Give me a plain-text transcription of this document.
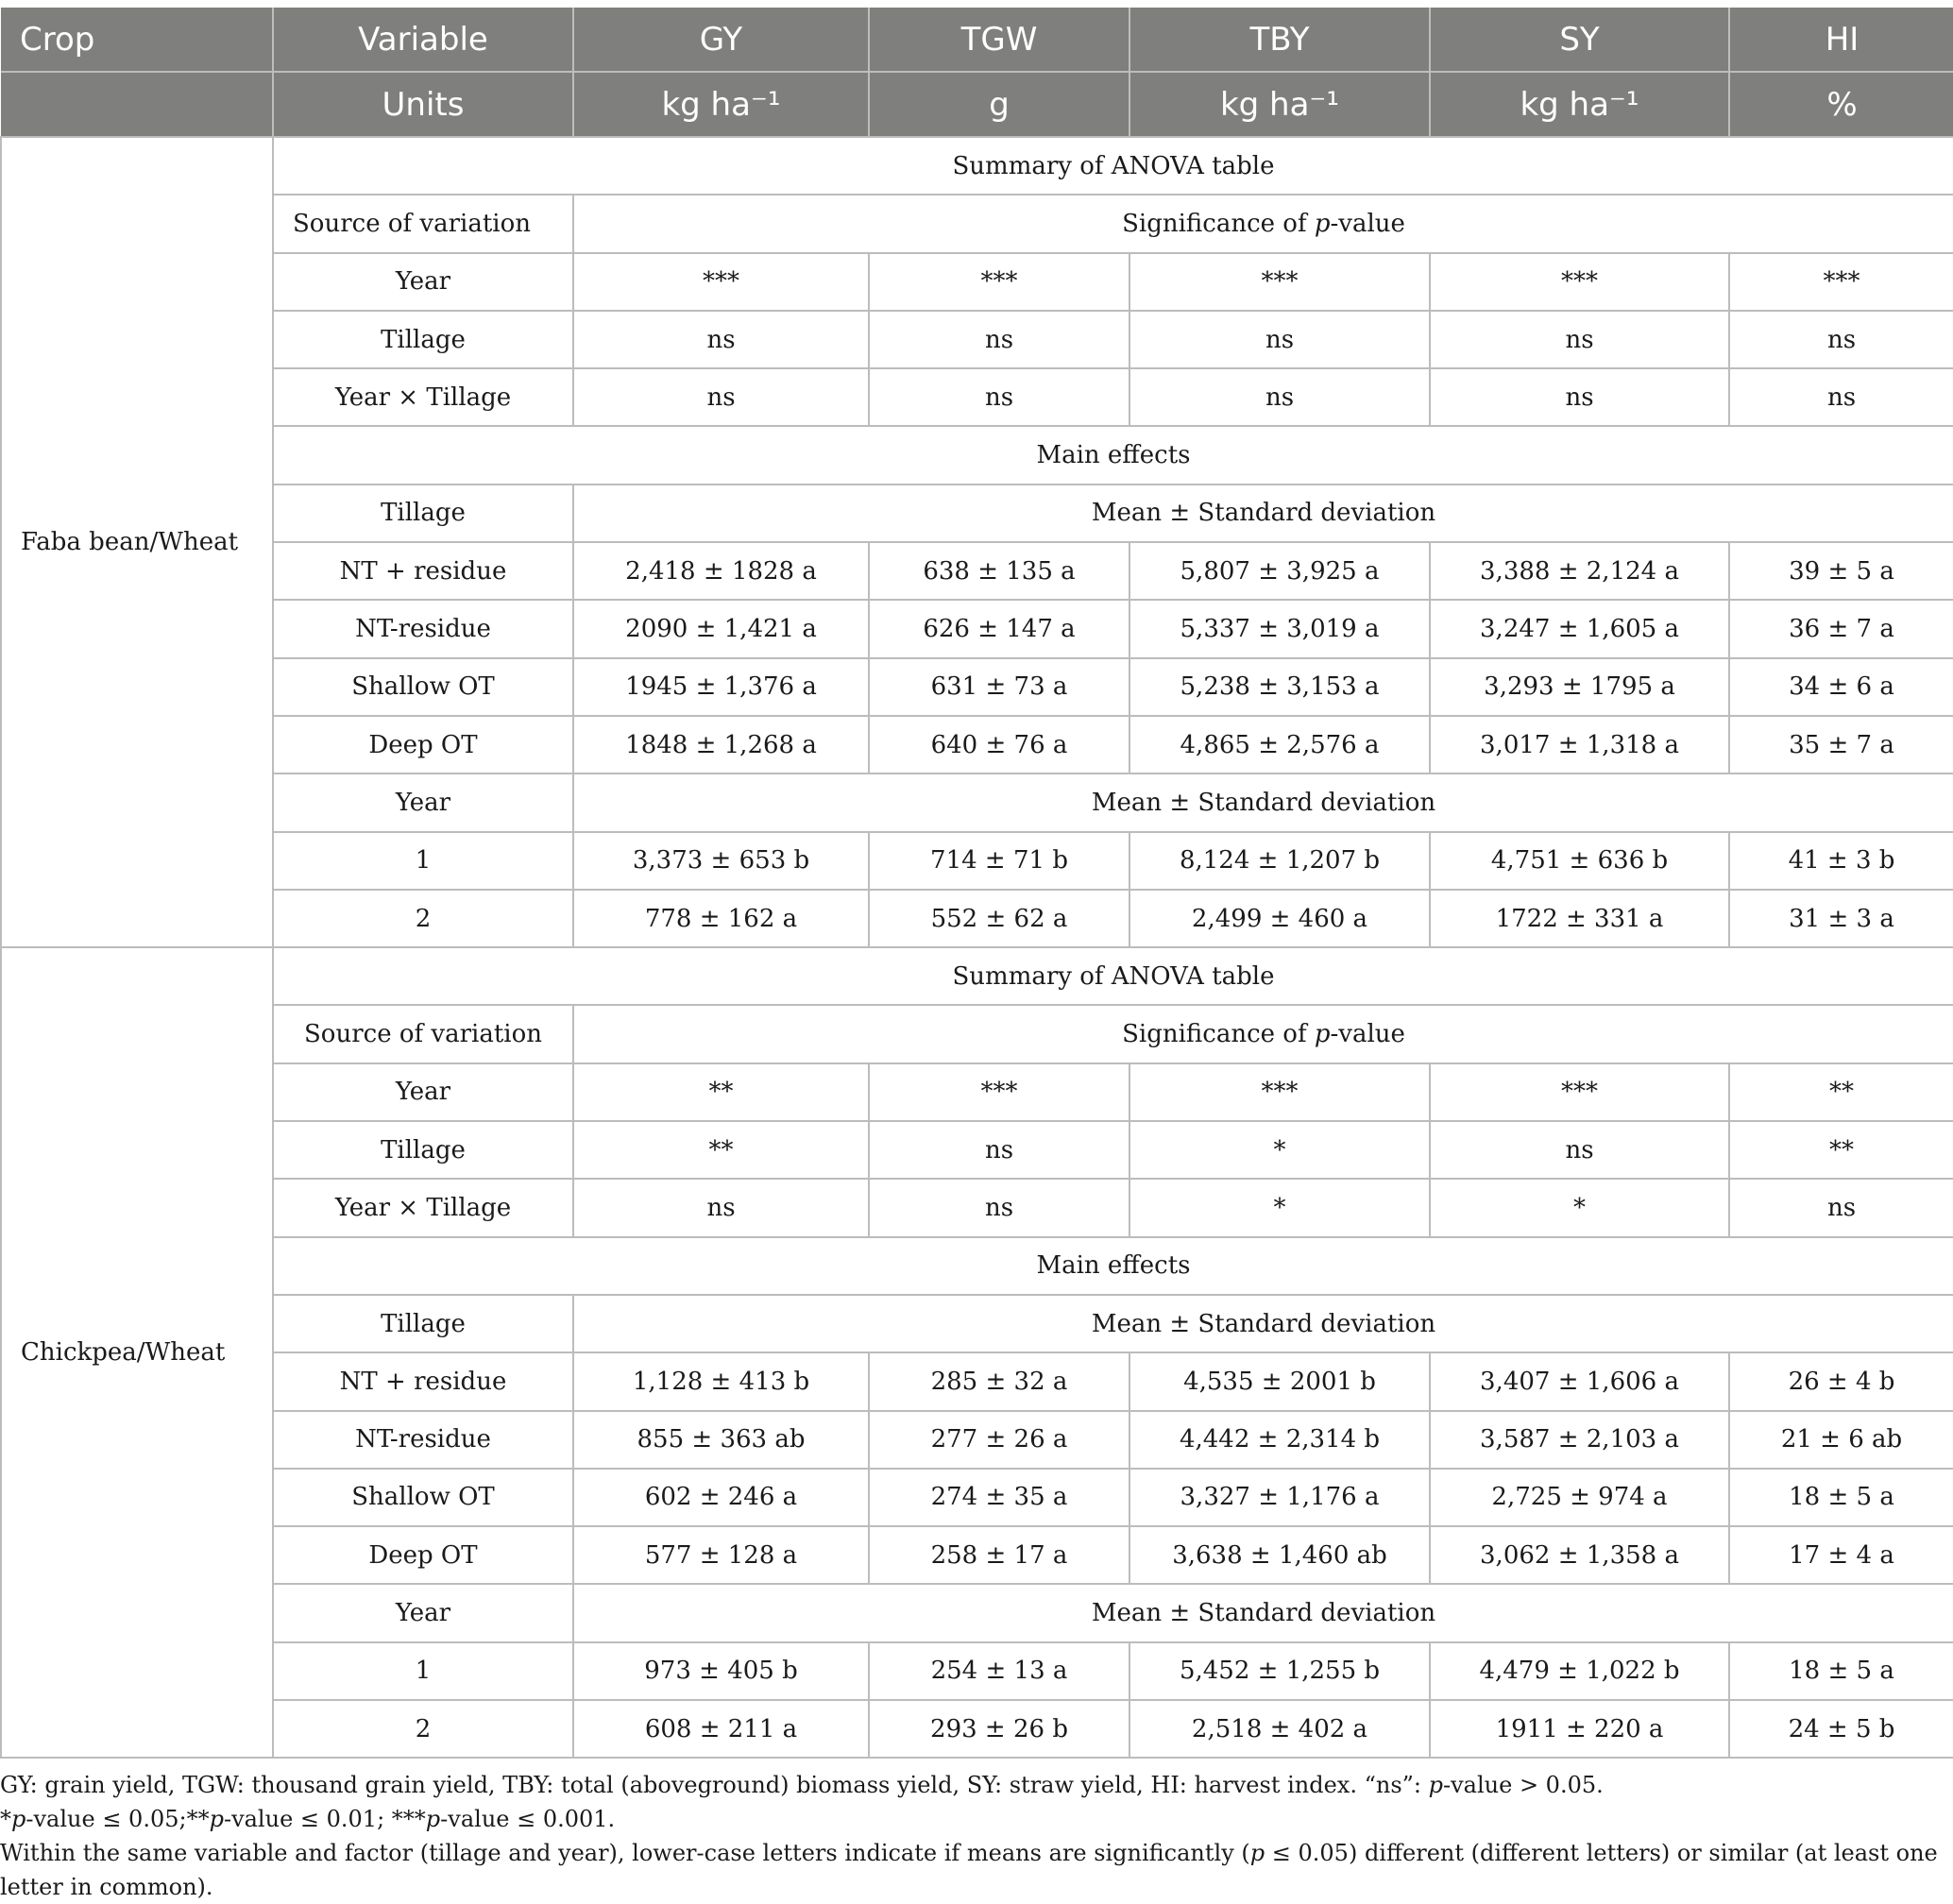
Crop	Variable	GY	TGW	TBY	SY	HI
	Units	kg ha⁻¹	g	kg ha⁻¹	kg ha⁻¹	%
Faba bean/Wheat	Summary of ANOVA table					
	Source of variation	Significance of p-value				
	Year	***	***	***	***	***
	Tillage	ns	ns	ns	ns	ns
	Year × Tillage	ns	ns	ns	ns	ns
	Main effects					
	Tillage	Mean ± Standard deviation				
	NT + residue	2,418 ± 1828 a	638 ± 135 a	5,807 ± 3,925 a	3,388 ± 2,124 a	39 ± 5 a
	NT-residue	2090 ± 1,421 a	626 ± 147 a	5,337 ± 3,019 a	3,247 ± 1,605 a	36 ± 7 a
	Shallow OT	1945 ± 1,376 a	631 ± 73 a	5,238 ± 3,153 a	3,293 ± 1795 a	34 ± 6 a
	Deep OT	1848 ± 1,268 a	640 ± 76 a	4,865 ± 2,576 a	3,017 ± 1,318 a	35 ± 7 a
	Year	Mean ± Standard deviation				
	1	3,373 ± 653 b	714 ± 71 b	8,124 ± 1,207 b	4,751 ± 636 b	41 ± 3 b
	2	778 ± 162 a	552 ± 62 a	2,499 ± 460 a	1722 ± 331 a	31 ± 3 a
Chickpea/Wheat	Summary of ANOVA table					
	Source of variation	Significance of p-value				
	Year	**	***	***	***	**
	Tillage	**	ns	*	ns	**
	Year × Tillage	ns	ns	*	*	ns
	Main effects					
	Tillage	Mean ± Standard deviation				
	NT + residue	1,128 ± 413 b	285 ± 32 a	4,535 ± 2001 b	3,407 ± 1,606 a	26 ± 4 b
	NT-residue	855 ± 363 ab	277 ± 26 a	4,442 ± 2,314 b	3,587 ± 2,103 a	21 ± 6 ab
	Shallow OT	602 ± 246 a	274 ± 35 a	3,327 ± 1,176 a	2,725 ± 974 a	18 ± 5 a
	Deep OT	577 ± 128 a	258 ± 17 a	3,638 ± 1,460 ab	3,062 ± 1,358 a	17 ± 4 a
	Year	Mean ± Standard deviation				
	1	973 ± 405 b	254 ± 13 a	5,452 ± 1,255 b	4,479 ± 1,022 b	18 ± 5 a
	2	608 ± 211 a	293 ± 26 b	2,518 ± 402 a	1911 ± 220 a	24 ± 5 b

GY: grain yield, TGW: thousand grain yield, TBY: total (aboveground) biomass yield, SY: straw yield, HI: harvest index. “ns”: p-value > 0.05.

*p-value ≤ 0.05;**p-value ≤ 0.01; ***p-value ≤ 0.001.

Within the same variable and factor (tillage and year), lower-case letters indicate if means are significantly (p ≤ 0.05) different (different letters) or similar (at least one letter in common).
